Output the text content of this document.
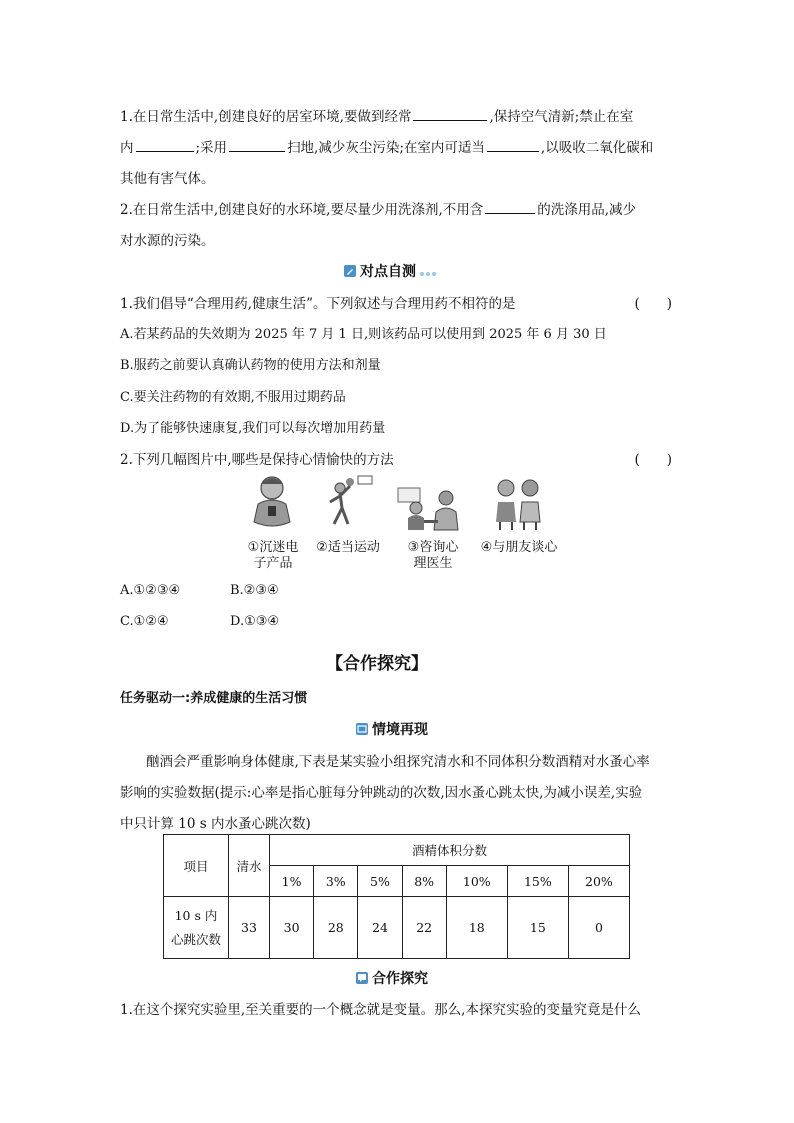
1.在日常生活中,创建良好的居室环境,要做到经常	,保持空气清新;禁止在室
内	;采用	扫地,减少灰尘污染;在室内可适当	,以吸收二氧化碳和
其他有害气体。
2.在日常生活中,创建良好的水环境,要尽量少用洗涤剂,不用含	的洗涤用品,减少
对水源的污染。
对点自测
1.我们倡导“合理用药,健康生活”。下列叙述与合理用药不相符的是	(　　)
A.若某药品的失效期为 2025 年 7 月 1 日,则该药品可以使用到 2025 年 6 月 30 日
B.服药之前要认真确认药物的使用方法和剂量
C.要关注药物的有效期,不服用过期药品
D.为了能够快速康复,我们可以每次增加用药量
2.下列几幅图片中,哪些是保持心情愉快的方法	(　　)
①沉迷电
子产品
②适当运动	③咨询心
理医生
④与朋友谈心
A.①②③④	B.②③④
C.①②④	D.①③④
【合作探究】
任务驱动一:养成健康的生活习惯
情境再现
酗酒会严重影响身体健康,下表是某实验小组探究清水和不同体积分数酒精对水蚤心率
影响的实验数据(提示:心率是指心脏每分钟跳动的次数,因水蚤心跳太快,为减小误差,实验
中只计算 10 s 内水蚤心跳次数)
项目	清水	酒精体积分数						
		1%	3%	5%	8%	10%	15%	20%
10 s 内
心跳次数	33	30	28	24	22	18	15	0
合作探究
1.在这个探究实验里,至关重要的一个概念就是变量。那么,本探究实验的变量究竟是什么
